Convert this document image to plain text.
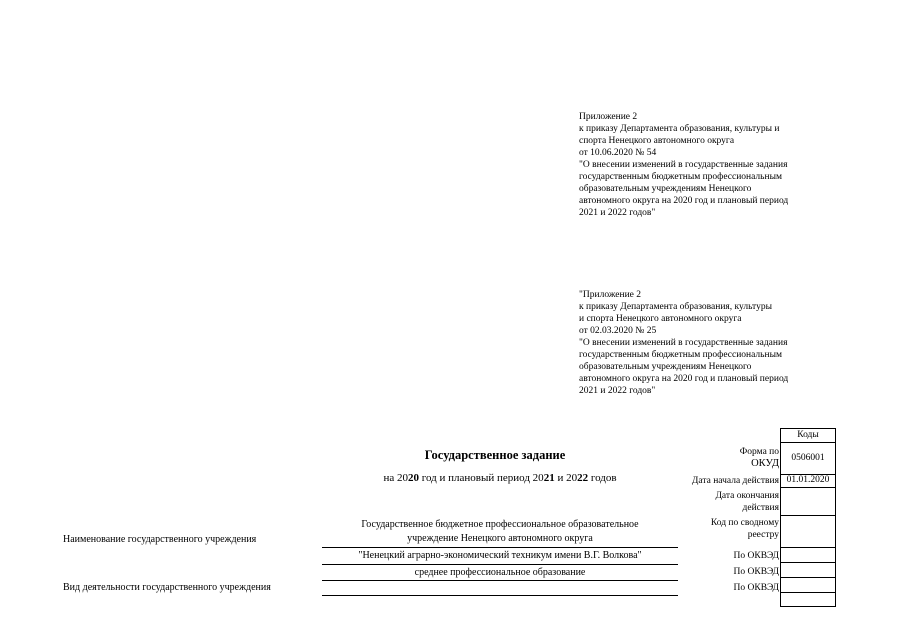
Приложение 2
к приказу Департамента образования, культуры и
спорта Ненецкого автономного округа
от 10.06.2020 № 54
"О внесении изменений в государственные задания
государственным бюджетным профессиональным
образовательным учреждениям Ненецкого
автономного округа на 2020 год и плановый период
2021 и 2022 годов"
"Приложение 2
к приказу Департамента образования, культуры
и спорта Ненецкого автономного округа
от 02.03.2020 № 25
"О внесении изменений в государственные задания
государственным бюджетным профессиональным
образовательным учреждениям Ненецкого
автономного округа на 2020 год и плановый период
2021 и 2022 годов"
Государственное задание
на 2020 год и плановый период 2021 и 2022 годов
Наименование государственного учреждения
Государственное бюджетное профессиональное образовательное
учреждение Ненецкого автономного округа
"Ненецкий аграрно-экономический техникум имени В.Г. Волкова"
среднее профессиональное образование
Вид деятельности государственного учреждения
Форма по
ОКУД
Дата начала действия
Дата окончания
действия
Код по сводному
реестру
По ОКВЭД
По ОКВЭД
По ОКВЭД
Коды
0506001
01.01.2020
